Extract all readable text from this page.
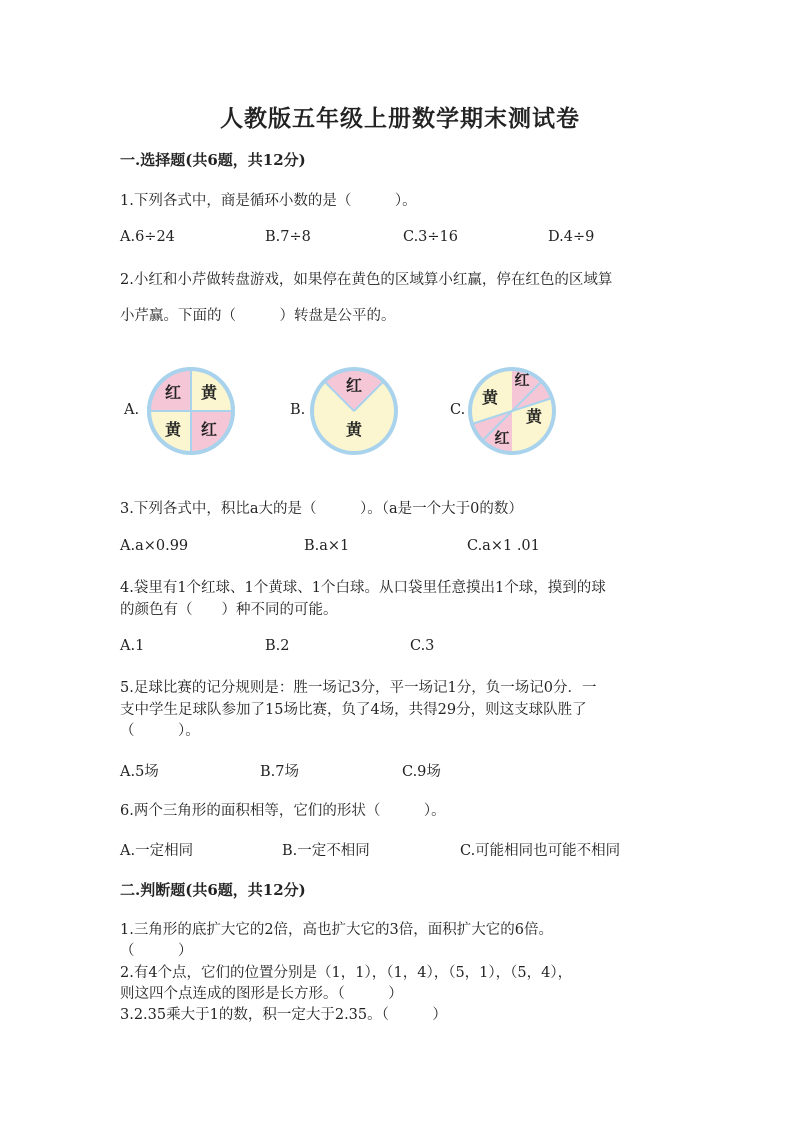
人教版五年级上册数学期末测试卷
一.选择题(共6题，共12分)
1.下列各式中，商是循环小数的是（　　　）。
A.6÷24	B.7÷8	C.3÷16	D.4÷9
2.小红和小芹做转盘游戏，如果停在黄色的区域算小红赢，停在红色的区域算
小芹赢。下面的（　　　）转盘是公平的。
A.	B.	C.
红 黄
黄 红
红
黄
红
黄
黄
红
3.下列各式中，积比a大的是（　　　）。（a是一个大于0的数）
A.a×0.99	B.a×1	C.a×1 .01
4.袋里有1个红球、1个黄球、1个白球。从口袋里任意摸出1个球，摸到的球
的颜色有（　　）种不同的可能。
A.1	B.2	C.3
5.足球比赛的记分规则是：胜一场记3分，平一场记1分，负一场记0分．一
支中学生足球队参加了15场比赛，负了4场，共得29分，则这支球队胜了
（　　　）。
A.5场	B.7场	C.9场
6.两个三角形的面积相等，它们的形状（　　　）。
A.一定相同	B.一定不相同	C.可能相同也可能不相同
二.判断题(共6题，共12分)
1.三角形的底扩大它的2倍，高也扩大它的3倍，面积扩大它的6倍。
（　　　）
2.有4个点，它们的位置分别是（1，1），（1，4），（5，1），（5，4），
则这四个点连成的图形是长方形。（　　　）
3.2.35乘大于1的数，积一定大于2.35。（　　　）
